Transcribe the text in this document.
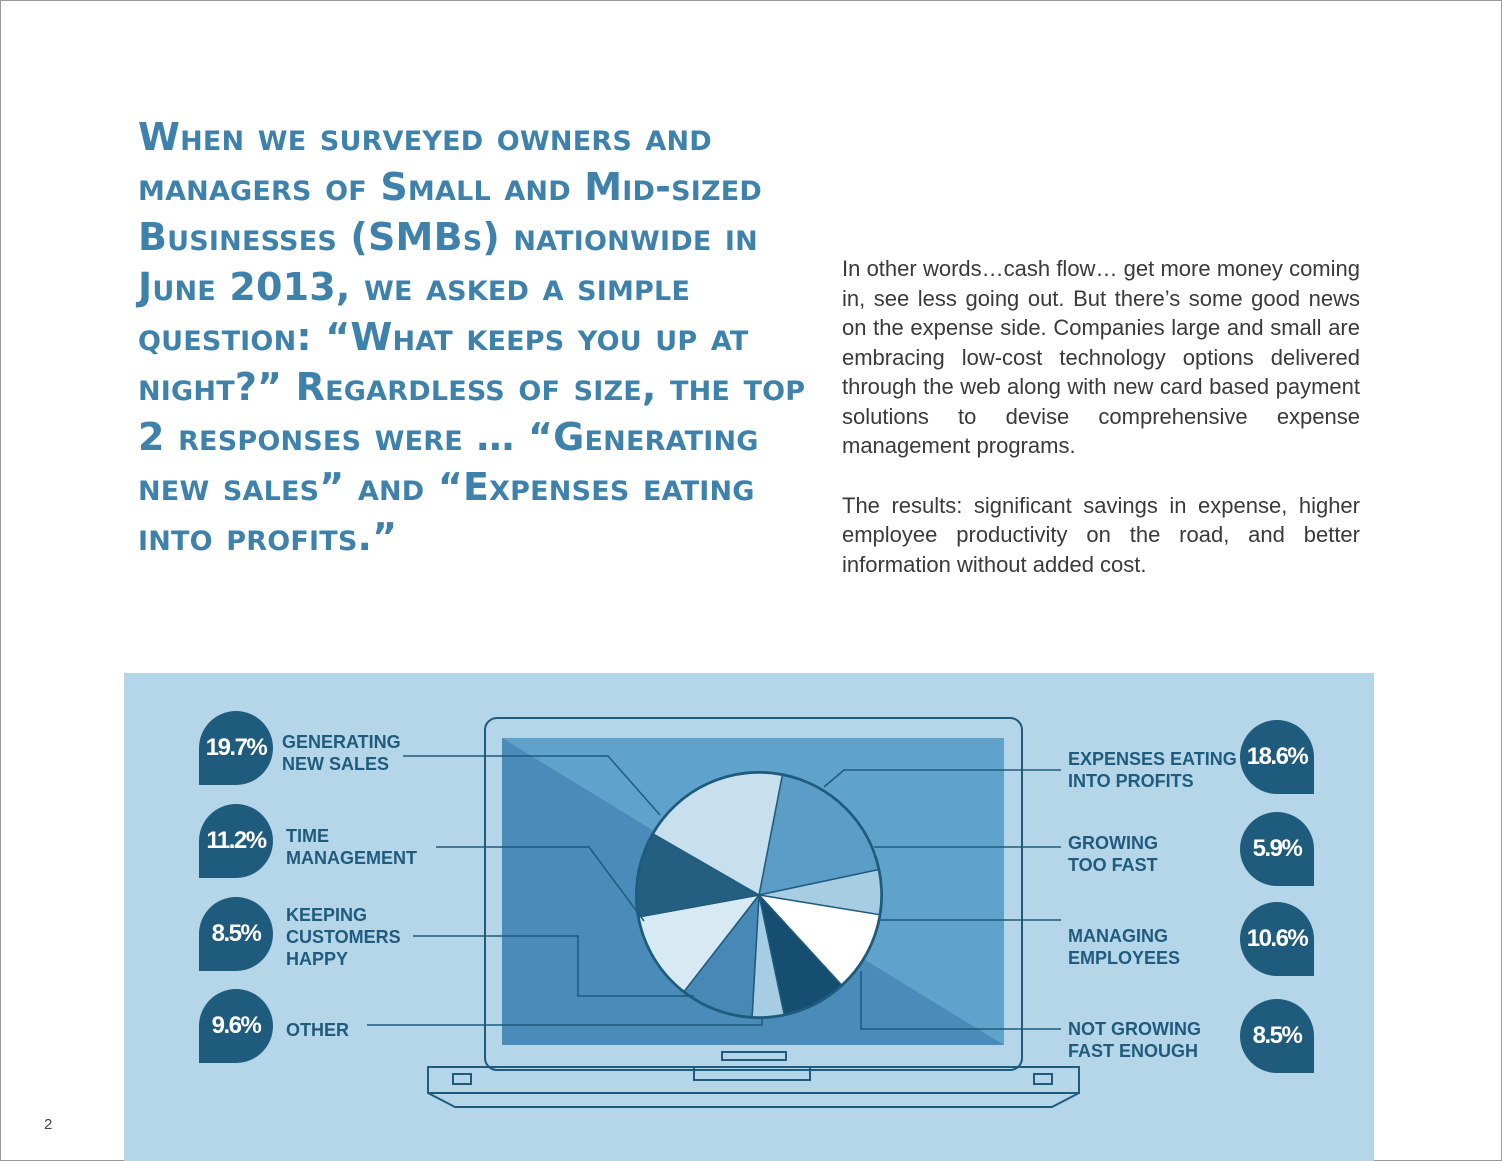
When we surveyed owners and managers of Small and Mid-sized Businesses (SMBs) nationwide in June 2013, we asked a simple question: “What keeps you up at night?” Regardless of size, the top 2 responses were … “Generating new sales” and “Expenses eating into profits.”

In other words…cash flow… get more money coming in, see less going out. But there’s some good news on the expense side. Companies large and small are embracing low-cost technology options delivered through the web along with new card based payment solutions to devise comprehensive expense management programs.

The results: significant savings in expense, higher employee productivity on the road, and better information without added cost.

2
19.7% GENERATING
NEW SALES
11.2%	TIME
MANAGEMENT
8.5%
KEEPING
CUSTOMERS
HAPPY
9.6%	OTHER
EXPENSES EATING
INTO PROFITS
18.6%
GROWING
TOO FAST
5.9%
MANAGING
EMPLOYEES
10.6%
NOT GROWING
FAST ENOUGH
8.5%
